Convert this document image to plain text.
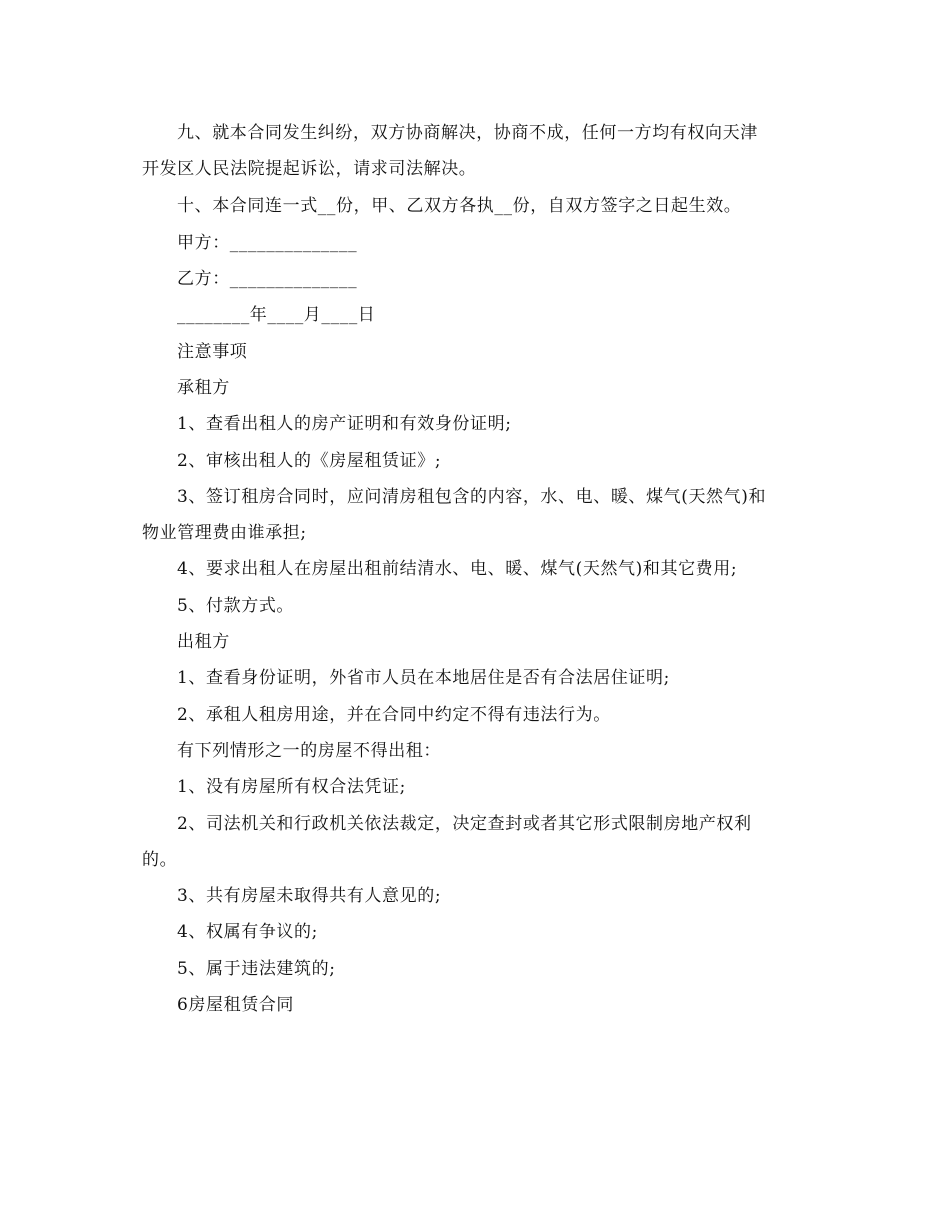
九、就本合同发生纠纷，双方协商解决，协商不成，任何一方均有权向天津
开发区人民法院提起诉讼，请求司法解决。
十、本合同连一式__份，甲、乙双方各执__份，自双方签字之日起生效。
甲方：______________
乙方：______________
________年____月____日
注意事项
承租方
1、查看出租人的房产证明和有效身份证明;
2、审核出租人的《房屋租赁证》;
3、签订租房合同时，应问清房租包含的内容，水、电、暖、煤气(天然气)和
物业管理费由谁承担;
4、要求出租人在房屋出租前结清水、电、暖、煤气(天然气)和其它费用;
5、付款方式。
出租方
1、查看身份证明，外省市人员在本地居住是否有合法居住证明;
2、承租人租房用途，并在合同中约定不得有违法行为。
有下列情形之一的房屋不得出租：
1、没有房屋所有权合法凭证;
2、司法机关和行政机关依法裁定，决定查封或者其它形式限制房地产权利
的。
3、共有房屋未取得共有人意见的;
4、权属有争议的;
5、属于违法建筑的;
6房屋租赁合同
